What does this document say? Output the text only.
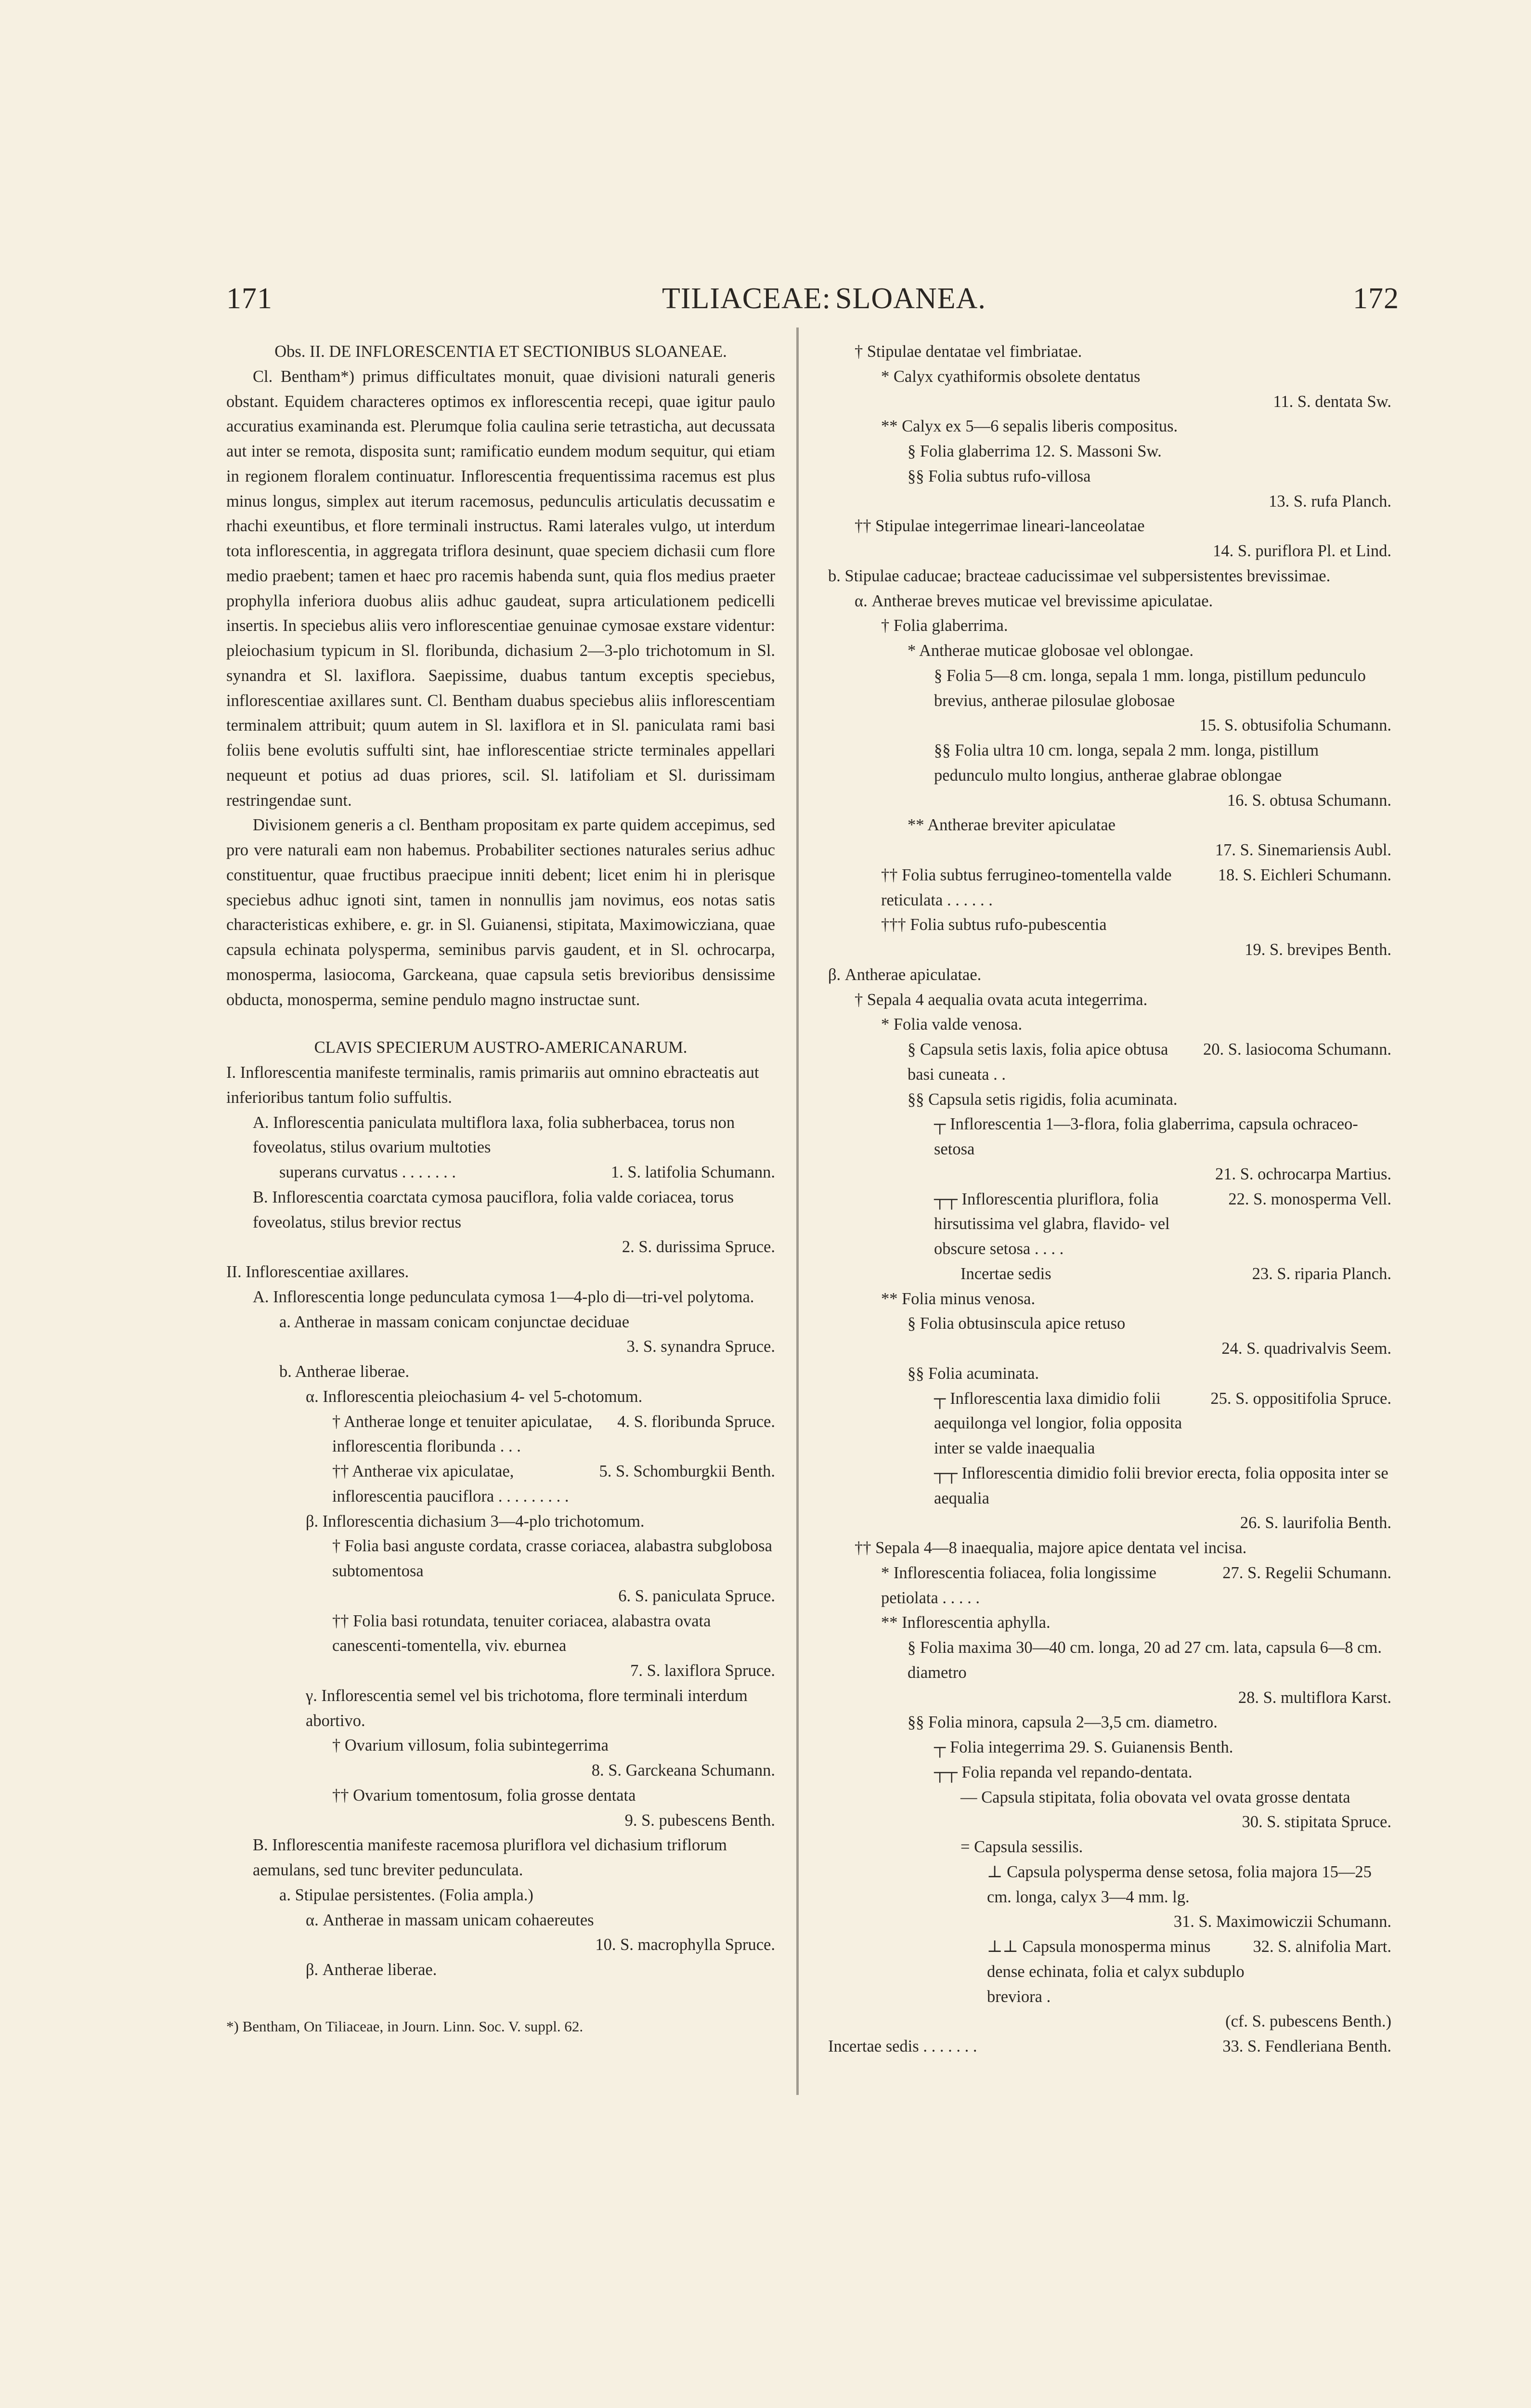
171	TILIACEAE: SLOANEA.	172

Obs. II. DE INFLORESCENTIA ET SECTIONIBUS SLOANEAE.

Cl. Bentham*) primus difficultates monuit, quae divisioni naturali generis obstant. Equidem characteres optimos ex inflorescentia recepi, quae igitur paulo accuratius examinanda est. Plerumque folia caulina serie tetrasticha, aut decussata aut inter se remota, disposita sunt; ramificatio eundem modum sequitur, qui etiam in regionem floralem continuatur. Inflorescentia frequentissima racemus est plus minus longus, simplex aut iterum racemosus, pedunculis articulatis decussatim e rhachi exeuntibus, et flore terminali instructus. Rami laterales vulgo, ut interdum tota inflorescentia, in aggregata triflora desinunt, quae speciem dichasii cum flore medio praebent; tamen et haec pro racemis habenda sunt, quia flos medius praeter prophylla inferiora duobus aliis adhuc gaudeat, supra articulationem pedicelli insertis. In speciebus aliis vero inflorescentiae genuinae cymosae exstare videntur: pleiochasium typicum in Sl. floribunda, dichasium 2—3-plo trichotomum in Sl. synandra et Sl. laxiflora. Saepissime, duabus tantum exceptis speciebus, inflorescentiae axillares sunt. Cl. Bentham duabus speciebus aliis inflorescentiam terminalem attribuit; quum autem in Sl. laxiflora et in Sl. paniculata rami basi foliis bene evolutis suffulti sint, hae inflorescentiae stricte terminales appellari nequeunt et potius ad duas priores, scil. Sl. latifoliam et Sl. durissimam restringendae sunt.

Divisionem generis a cl. Bentham propositam ex parte quidem accepimus, sed pro vere naturali eam non habemus. Probabiliter sectiones naturales serius adhuc constituentur, quae fructibus praecipue inniti debent; licet enim hi in plerisque speciebus adhuc ignoti sint, tamen in nonnullis jam novimus, eos notas satis characteristicas exhibere, e. gr. in Sl. Guianensi, stipitata, Maximowicziana, quae capsula echinata polysperma, seminibus parvis gaudent, et in Sl. ochrocarpa, monosperma, lasiocoma, Garckeana, quae capsula setis brevioribus densissime obducta, monosperma, semine pendulo magno instructae sunt.

CLAVIS SPECIERUM AUSTRO-AMERICANARUM.

I. Inflorescentia manifeste terminalis, ramis primariis aut omnino ebracteatis aut inferioribus tantum folio suffultis.
A. Inflorescentia paniculata multiflora laxa, folia subherbacea, torus non foveolatus, stilus ovarium multoties
superans curvatus . . . . . . .	1. S. latifolia Schumann.
B. Inflorescentia coarctata cymosa pauciflora, folia valde coriacea, torus foveolatus, stilus brevior rectus
2. S. durissima Spruce.
II. Inflorescentiae axillares.
A. Inflorescentia longe pedunculata cymosa 1—4-plo di—tri-vel polytoma.
a. Antherae in massam conicam conjunctae deciduae
3. S. synandra Spruce.
b. Antherae liberae.
α. Inflorescentia pleiochasium 4- vel 5-chotomum.
† Antherae longe et tenuiter apiculatae, inflorescentia floribunda . . .
4. S. floribunda Spruce.
†† Antherae vix apiculatae, inflorescentia pauciflora . . . . . . . . .
5. S. Schomburgkii Benth.
β. Inflorescentia dichasium 3—4-plo trichotomum.
† Folia basi anguste cordata, crasse coriacea, alabastra subglobosa subtomentosa
6. S. paniculata Spruce.
†† Folia basi rotundata, tenuiter coriacea, alabastra ovata canescenti-tomentella, viv. eburnea
7. S. laxiflora Spruce.
γ. Inflorescentia semel vel bis trichotoma, flore terminali interdum abortivo.
† Ovarium villosum, folia subintegerrima
8. S. Garckeana Schumann.
†† Ovarium tomentosum, folia grosse dentata
9. S. pubescens Benth.
B. Inflorescentia manifeste racemosa pluriflora vel dichasium triflorum aemulans, sed tunc breviter pedunculata.
a. Stipulae persistentes. (Folia ampla.)
α. Antherae in massam unicam cohaereutes
10. S. macrophylla Spruce.
β. Antherae liberae.

*) Bentham, On Tiliaceae, in Journ. Linn. Soc. V. suppl. 62.

† Stipulae dentatae vel fimbriatae.
* Calyx cyathiformis obsolete dentatus
11. S. dentata Sw.
** Calyx ex 5—6 sepalis liberis compositus.
§ Folia glaberrima 12. S. Massoni Sw.
§§ Folia subtus rufo-villosa
13. S. rufa Planch.
†† Stipulae integerrimae lineari-lanceolatae
14. S. puriflora Pl. et Lind.
b. Stipulae caducae; bracteae caducissimae vel subpersistentes brevissimae.
α. Antherae breves muticae vel brevissime apiculatae.
† Folia glaberrima.
* Antherae muticae globosae vel oblongae.
§ Folia 5—8 cm. longa, sepala 1 mm. longa, pistillum pedunculo brevius, antherae pilosulae globosae
15. S. obtusifolia Schumann.
§§ Folia ultra 10 cm. longa, sepala 2 mm. longa, pistillum pedunculo multo longius, antherae glabrae oblongae
16. S. obtusa Schumann.
** Antherae breviter apiculatae
17. S. Sinemariensis Aubl.
†† Folia subtus ferrugineo-tomentella valde reticulata . . . . . .
18. S. Eichleri Schumann.
††† Folia subtus rufo-pubescentia
19. S. brevipes Benth.
β. Antherae apiculatae.
† Sepala 4 aequalia ovata acuta integerrima.
* Folia valde venosa.
§ Capsula setis laxis, folia apice obtusa basi cuneata . .
20. S. lasiocoma Schumann.
§§ Capsula setis rigidis, folia acuminata.
┬ Inflorescentia 1—3-flora, folia glaberrima, capsula ochraceo-setosa
21. S. ochrocarpa Martius.
┬┬ Inflorescentia pluriflora, folia hirsutissima vel glabra, flavido- vel obscure setosa . . . .
22. S. monosperma Vell.
Incertae sedis	23. S. riparia Planch.
** Folia minus venosa.
§ Folia obtusinscula apice retuso
24. S. quadrivalvis Seem.
§§ Folia acuminata.
┬ Inflorescentia laxa dimidio folii aequilonga vel longior, folia opposita inter se valde inaequalia
25. S. oppositifolia Spruce.
┬┬ Inflorescentia dimidio folii brevior erecta, folia opposita inter se aequalia
26. S. laurifolia Benth.
†† Sepala 4—8 inaequalia, majore apice dentata vel incisa.
* Inflorescentia foliacea, folia longissime petiolata . . . . .
27. S. Regelii Schumann.
** Inflorescentia aphylla.
§ Folia maxima 30—40 cm. longa, 20 ad 27 cm. lata, capsula 6—8 cm. diametro
28. S. multiflora Karst.
§§ Folia minora, capsula 2—3,5 cm. diametro.
┬ Folia integerrima 29. S. Guianensis Benth.
┬┬ Folia repanda vel repando-dentata.
— Capsula stipitata, folia obovata vel ovata grosse dentata
30. S. stipitata Spruce.
= Capsula sessilis.
⊥ Capsula polysperma dense setosa, folia majora 15—25 cm. longa, calyx 3—4 mm. lg.
31. S. Maximowiczii Schumann.
⊥⊥ Capsula monosperma minus dense echinata, folia et calyx subduplo breviora .
32. S. alnifolia Mart.
(cf. S. pubescens Benth.)
Incertae sedis . . . . . . .	33. S. Fendleriana Benth.
